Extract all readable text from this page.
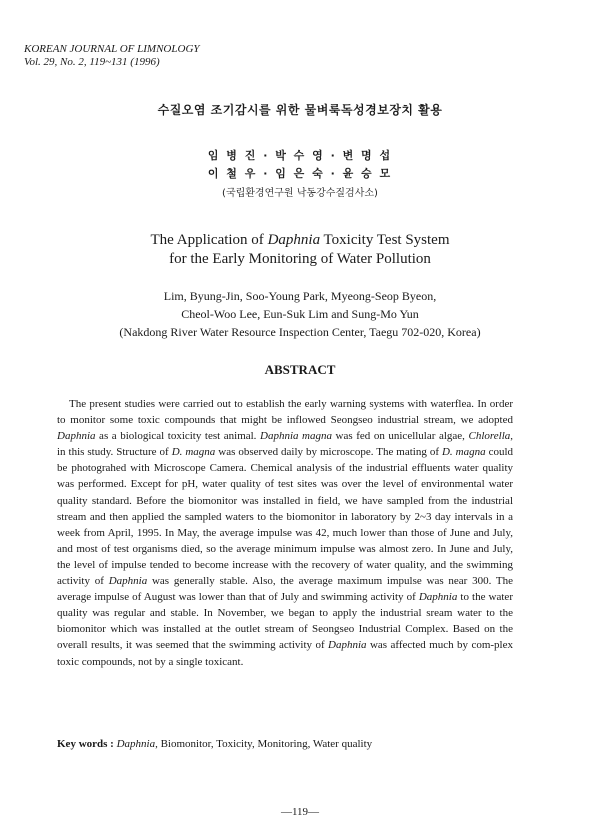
KOREAN JOURNAL OF LIMNOLOGY
Vol. 29, No. 2, 119~131 (1996)
수질오염 조기감시를 위한 물벼룩독성경보장치 활용
임 병 진 · 박 수 영 · 변 명 섭
이 철 우 · 임 은 숙 · 윤 승 모
(국립환경연구원 낙동강수질검사소)
The Application of Daphnia Toxicity Test System
for the Early Monitoring of Water Pollution
Lim, Byung-Jin, Soo-Young Park, Myeong-Seop Byeon,
Cheol-Woo Lee, Eun-Suk Lim and Sung-Mo Yun
(Nakdong River Water Resource Inspection Center, Taegu 702-020, Korea)
ABSTRACT

The present studies were carried out to establish the early warning systems with waterflea. In order to monitor some toxic compounds that might be inflowed Seongseo industrial stream, we adopted Daphnia as a biological toxicity test animal. Daphnia magna was fed on unicellular algae, Chlorella, in this study. Structure of D. magna was observed daily by microscope. The mating of D. magna could be photograhed with Microscope Camera. Chemical analysis of the industrial effluents water quality was performed. Except for pH, water quality of test sites was over the level of environmental water quality standard. Before the biomonitor was installed in field, we have sampled from the industrial stream and then applied the sampled waters to the biomonitor in laboratory by 2~3 day intervals in a week from April, 1995. In May, the average impulse was 42, much lower than those of June and July, and most of test organisms died, so the average minimum impulse was almost zero. In June and July, the level of impulse tended to become increase with the recovery of water quality, and the swimming activity of Daphnia was generally stable. Also, the average maximum impulse was near 300. The average impulse of August was lower than that of July and swimming activity of Daphnia to the water quality was regular and stable. In November, we began to apply the industrial sream water to the biomonitor which was installed at the outlet stream of Seongseo Industrial Complex. Based on the overall results, it was seemed that the swimming activity of Daphnia was affected much by com-plex toxic compounds, not by a single toxicant.

Key words : Daphnia, Biomonitor, Toxicity, Monitoring, Water quality
—119—
